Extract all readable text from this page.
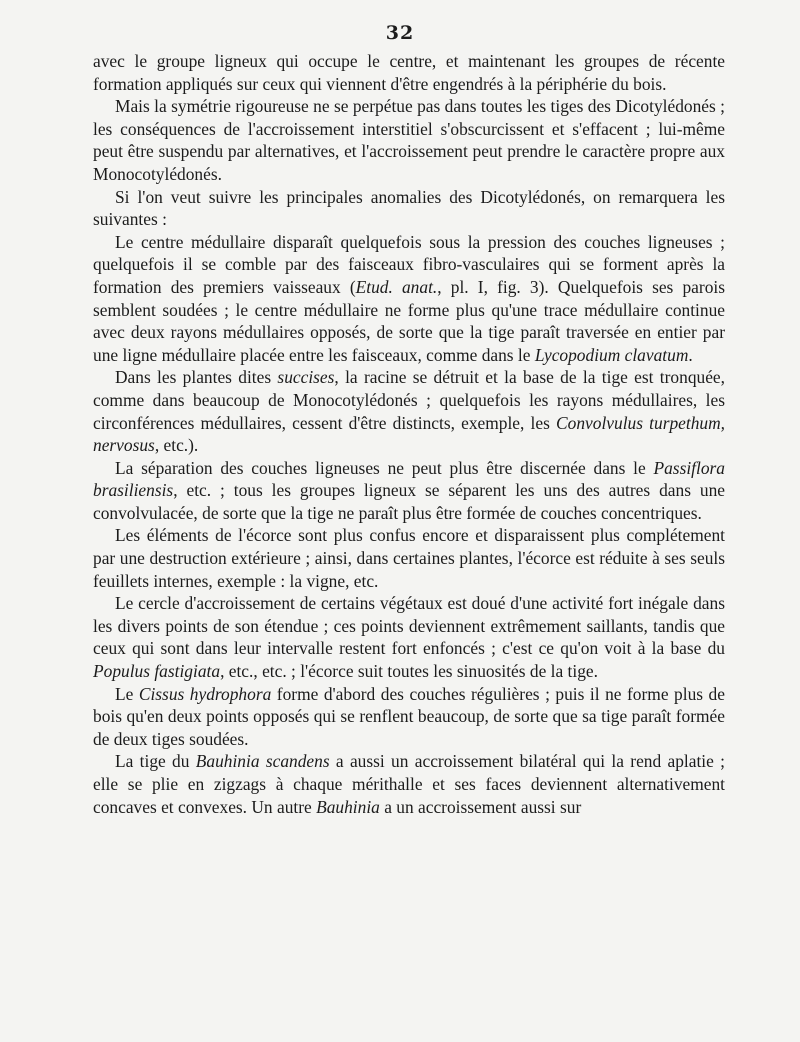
32

avec le groupe ligneux qui occupe le centre, et maintenant les groupes de récente formation appliqués sur ceux qui viennent d'être engendrés à la périphérie du bois.

Mais la symétrie rigoureuse ne se perpétue pas dans toutes les tiges des Dicotylédonés ; les conséquences de l'accroissement interstitiel s'obscurcissent et s'effacent ; lui-même peut être suspendu par alternatives, et l'accroissement peut prendre le caractère propre aux Monocotylédonés.

Si l'on veut suivre les principales anomalies des Dicotylédonés, on remarquera les suivantes :

Le centre médullaire disparaît quelquefois sous la pression des couches ligneuses ; quelquefois il se comble par des faisceaux fibro-vasculaires qui se forment après la formation des premiers vaisseaux (Etud. anat., pl. I, fig. 3). Quelquefois ses parois semblent soudées ; le centre médullaire ne forme plus qu'une trace médullaire continue avec deux rayons médullaires opposés, de sorte que la tige paraît traversée en entier par une ligne médullaire placée entre les faisceaux, comme dans le Lycopodium clavatum.

Dans les plantes dites succises, la racine se détruit et la base de la tige est tronquée, comme dans beaucoup de Monocotylédonés ; quelquefois les rayons médullaires, les circonférences médullaires, cessent d'être distincts, exemple, les Convolvulus turpethum, nervosus, etc.).

La séparation des couches ligneuses ne peut plus être discernée dans le Passiflora brasiliensis, etc. ; tous les groupes ligneux se séparent les uns des autres dans une convolvulacée, de sorte que la tige ne paraît plus être formée de couches concentriques.

Les éléments de l'écorce sont plus confus encore et disparaissent plus complétement par une destruction extérieure ; ainsi, dans certaines plantes, l'écorce est réduite à ses seuls feuillets internes, exemple : la vigne, etc.

Le cercle d'accroissement de certains végétaux est doué d'une activité fort inégale dans les divers points de son étendue ; ces points deviennent extrêmement saillants, tandis que ceux qui sont dans leur intervalle restent fort enfoncés ; c'est ce qu'on voit à la base du Populus fastigiata, etc., etc. ; l'écorce suit toutes les sinuosités de la tige.

Le Cissus hydrophora forme d'abord des couches régulières ; puis il ne forme plus de bois qu'en deux points opposés qui se renflent beaucoup, de sorte que sa tige paraît formée de deux tiges soudées.

La tige du Bauhinia scandens a aussi un accroissement bilatéral qui la rend aplatie ; elle se plie en zigzags à chaque mérithalle et ses faces deviennent alternativement concaves et convexes. Un autre Bauhinia a un accroissement aussi sur
